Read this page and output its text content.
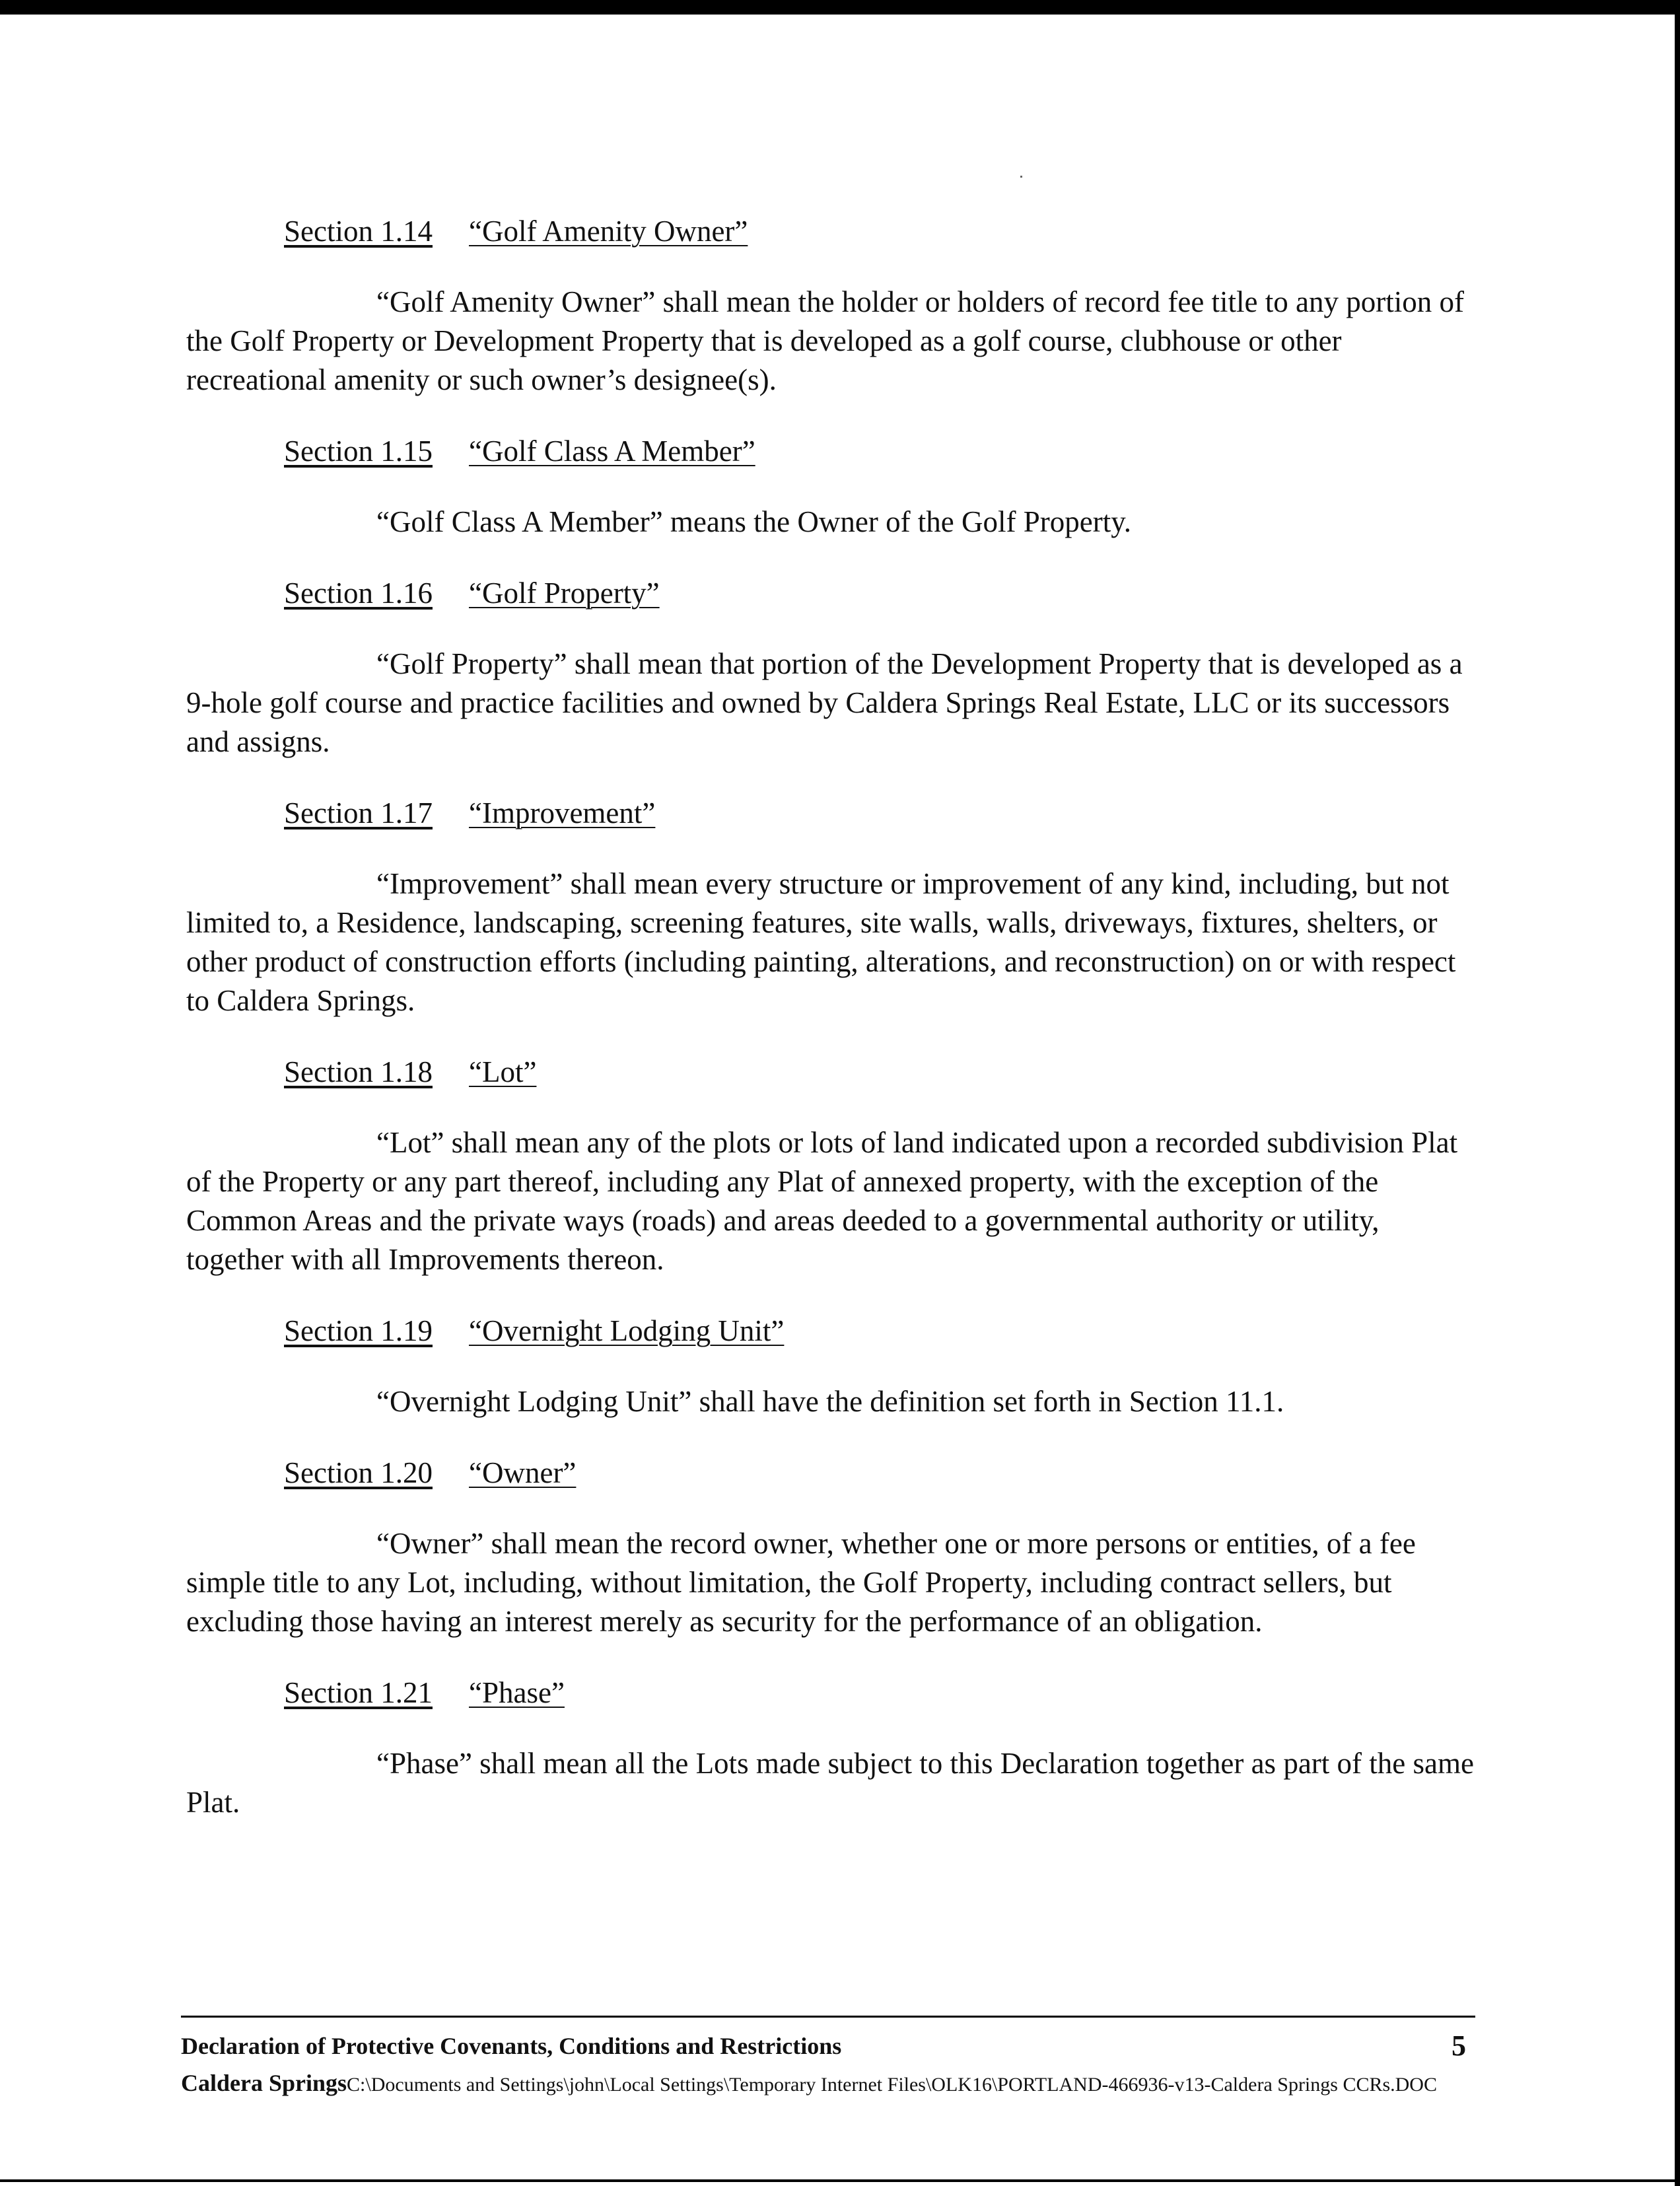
Section 1.14 “Golf Amenity Owner”

“Golf Amenity Owner” shall mean the holder or holders of record fee title to any portion of the Golf Property or Development Property that is developed as a golf course, clubhouse or other recreational amenity or such owner’s designee(s).

Section 1.15 “Golf Class A Member”

“Golf Class A Member” means the Owner of the Golf Property.

Section 1.16 “Golf Property”

“Golf Property” shall mean that portion of the Development Property that is developed as a 9-hole golf course and practice facilities and owned by Caldera Springs Real Estate, LLC or its successors and assigns.

Section 1.17 “Improvement”

“Improvement” shall mean every structure or improvement of any kind, including, but not limited to, a Residence, landscaping, screening features, site walls, walls, driveways, fixtures, shelters, or other product of construction efforts (including painting, alterations, and reconstruction) on or with respect to Caldera Springs.

Section 1.18 “Lot”

“Lot” shall mean any of the plots or lots of land indicated upon a recorded subdivision Plat of the Property or any part thereof, including any Plat of annexed property, with the exception of the Common Areas and the private ways (roads) and areas deeded to a governmental authority or utility, together with all Improvements thereon.

Section 1.19 “Overnight Lodging Unit”

“Overnight Lodging Unit” shall have the definition set forth in Section 11.1.

Section 1.20 “Owner”

“Owner” shall mean the record owner, whether one or more persons or entities, of a fee simple title to any Lot, including, without limitation, the Golf Property, including contract sellers, but excluding those having an interest merely as security for the performance of an obligation.

Section 1.21 “Phase”

“Phase” shall mean all the Lots made subject to this Declaration together as part of the same Plat.

Declaration of Protective Covenants, Conditions and Restrictions	5
Caldera SpringsC:\Documents and Settings\john\Local Settings\Temporary Internet Files\OLK16\PORTLAND-466936-v13-Caldera Springs CCRs.DOC
